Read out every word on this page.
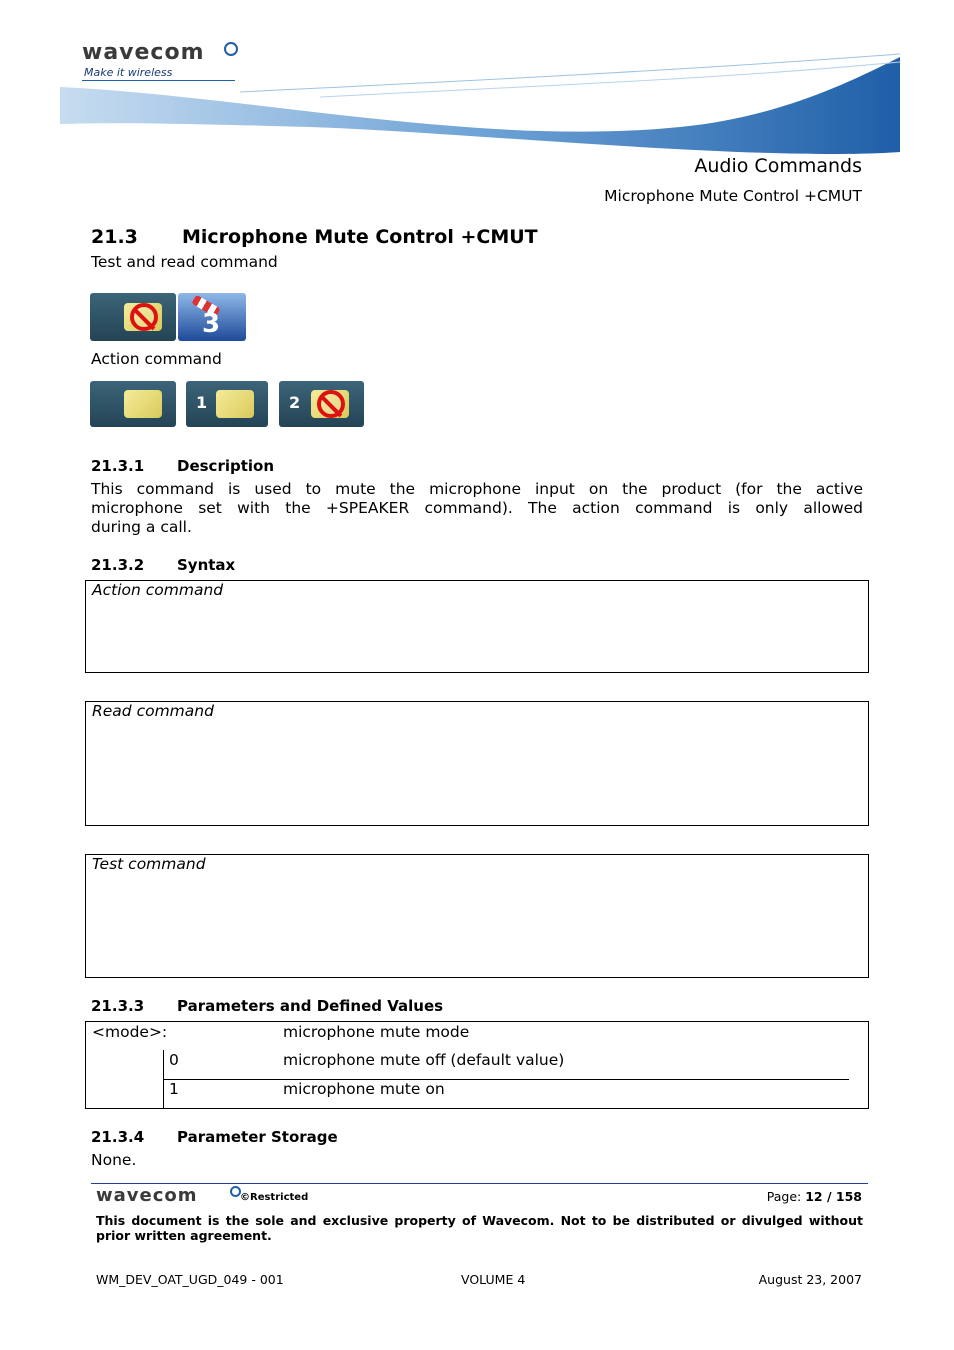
wavecom
Make it wireless
Audio Commands
Microphone Mute Control +CMUT
21.3 Microphone Mute Control +CMUT
Test and read command
3
Action command
1	2
21.3.1 Description
This command is used to mute the microphone input on the product (for the active
microphone set with the +SPEAKER command). The action command is only allowed
during a call.
21.3.2 Syntax
Action command
Read command
Test command
21.3.3 Parameters and Defined Values
<mode>:	microphone mute mode
0	microphone mute off (default value)
1	microphone mute on
21.3.4 Parameter Storage
None.
wavecom	©Restricted	Page: 12 / 158
This document is the sole and exclusive property of Wavecom. Not to be distributed or divulged without
prior written agreement.
WM_DEV_OAT_UGD_049 - 001	VOLUME 4	August 23, 2007
